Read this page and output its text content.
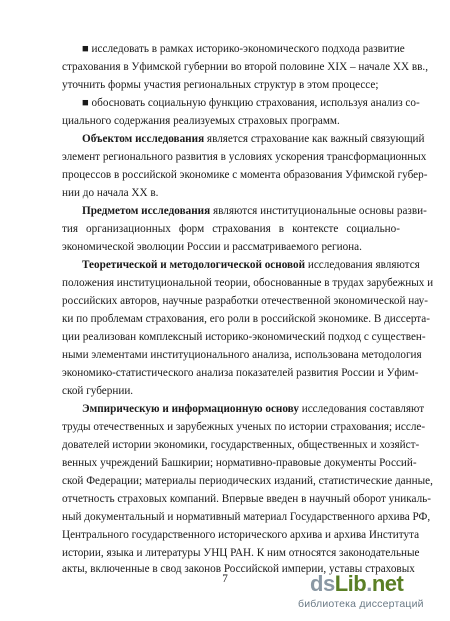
■ исследовать в рамках историко-экономического подхода развитие
страхования в Уфимской губернии во второй половине XIX – начале XX вв.,
уточнить формы участия региональных структур в этом процессе;
■ обосновать социальную функцию страхования, используя анализ со-
циального содержания реализуемых страховых программ.
Объектом исследования является страхование как важный связующий
элемент регионального развития в условиях ускорения трансформационных
процессов в российской экономике с момента образования Уфимской губер-
нии до начала XX в.
Предметом исследования являются институциональные основы разви-
тия организационных форм страхования в контексте социально-
экономической эволюции России и рассматриваемого региона.
Теоретической и методологической основой исследования являются
положения институциональной теории, обоснованные в трудах зарубежных и
российских авторов, научные разработки отечественной экономической нау-
ки по проблемам страхования, его роли в российской экономике. В диссерта-
ции реализован комплексный историко-экономический подход с существен-
ными элементами институционального анализа, использована методология
экономико-статистического анализа показателей развития России и Уфим-
ской губернии.
Эмпирическую и информационную основу исследования составляют
труды отечественных и зарубежных ученых по истории страхования; иссле-
дователей истории экономики, государственных, общественных и хозяйст-
венных учреждений Башкирии; нормативно-правовые документы Россий-
ской Федерации; материалы периодических изданий, статистические данные,
отчетность страховых компаний. Впервые введен в научный оборот уникаль-
ный документальный и нормативный материал Государственного архива РФ,
Центрального государственного исторического архива и архива Института
истории, языка и литературы УНЦ РАН. К ним относятся законодательные
акты, включенные в свод законов Российской империи, уставы страховых
7	dsLib.net
библиотека диссертаций
